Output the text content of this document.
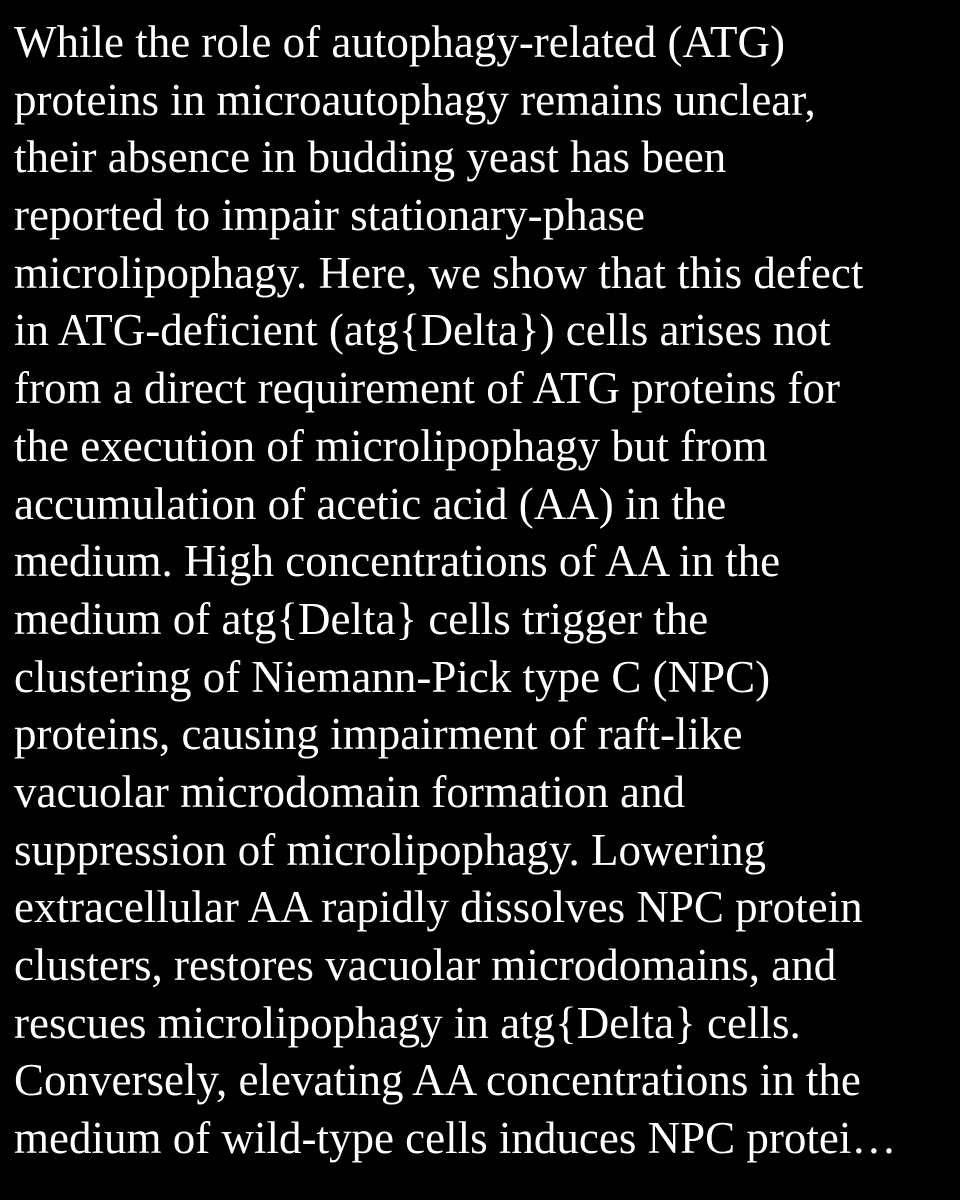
While the role of autophagy-related (ATG)
proteins in microautophagy remains unclear,
their absence in budding yeast has been
reported to impair stationary-phase
microlipophagy. Here, we show that this defect
in ATG-deficient (atg{Delta}) cells arises not
from a direct requirement of ATG proteins for
the execution of microlipophagy but from
accumulation of acetic acid (AA) in the
medium. High concentrations of AA in the
medium of atg{Delta} cells trigger the
clustering of Niemann-Pick type C (NPC)
proteins, causing impairment of raft-like
vacuolar microdomain formation and
suppression of microlipophagy. Lowering
extracellular AA rapidly dissolves NPC protein
clusters, restores vacuolar microdomains, and
rescues microlipophagy in atg{Delta} cells.
Conversely, elevating AA concentrations in the
medium of wild-type cells induces NPC protei…
